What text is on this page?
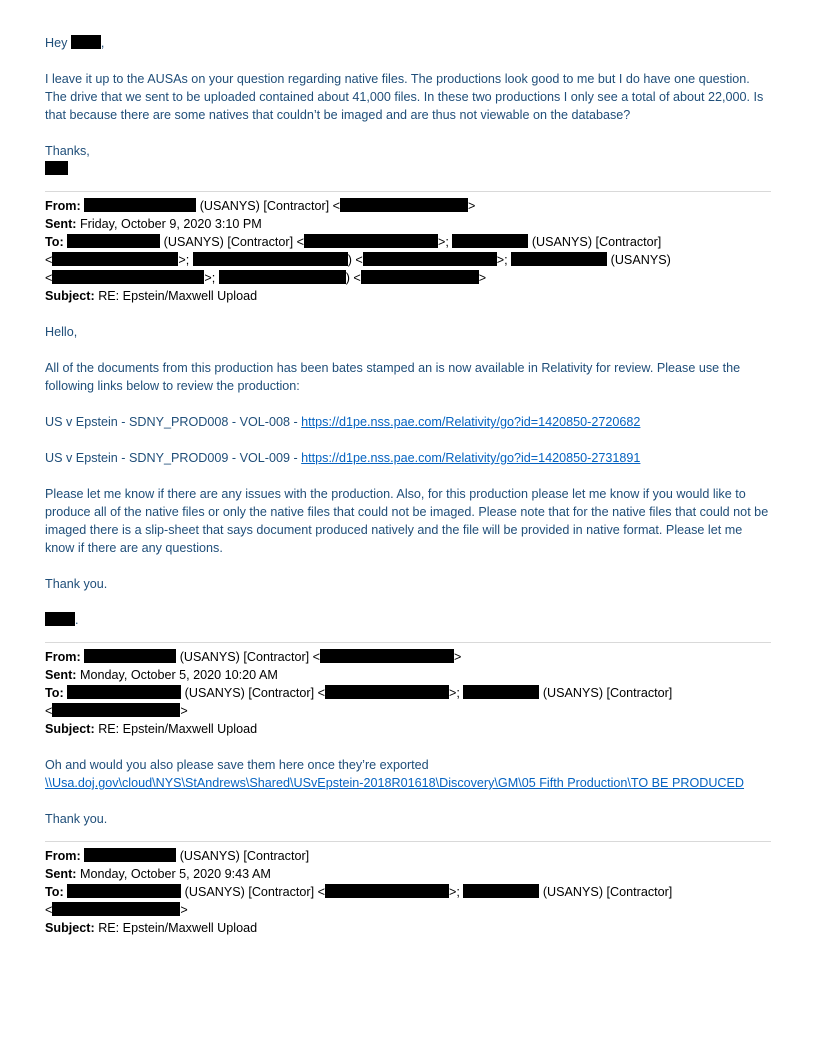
Hey	,

I leave it up to the AUSAs on your question regarding native files. The productions look good to me but I do have one question. The drive that we sent to be uploaded contained about 41,000 files. In these two productions I only see a total of about 22,000. Is that because there are some natives that couldn’t be imaged and are thus not viewable on the database?

Thanks,

From:	(USANYS) [Contractor] <	>

Sent: Friday, October 9, 2020 3:10 PM

To:	(USANYS) [Contractor] <	>;	(USANYS) [Contractor]

<	>;	) <	>;	(USANYS)

<	>;	) <	>

Subject: RE: Epstein/Maxwell Upload

Hello,

All of the documents from this production has been bates stamped an is now available in Relativity for review. Please use the following links below to review the production:

US v Epstein - SDNY_PROD008 - VOL-008 - https://d1pe.nss.pae.com/Relativity/go?id=1420850-2720682

US v Epstein - SDNY_PROD009 - VOL-009 - https://d1pe.nss.pae.com/Relativity/go?id=1420850-2731891

Please let me know if there are any issues with the production. Also, for this production please let me know if you would like to produce all of the native files or only the native files that could not be imaged. Please note that for the native files that could not be imaged there is a slip-sheet that says document produced natively and the file will be provided in native format. Please let me know if there are any questions.

Thank you.

.

From:	(USANYS) [Contractor] <	>

Sent: Monday, October 5, 2020 10:20 AM

To:	(USANYS) [Contractor] <	>;	(USANYS) [Contractor]

<	>

Subject: RE: Epstein/Maxwell Upload

Oh and would you also please save them here once they’re exported

\\Usa.doj.gov\cloud\NYS\StAndrews\Shared\USvEpstein-2018R01618\Discovery\GM\05 Fifth Production\TO BE PRODUCED

Thank you.

From:	(USANYS) [Contractor]

Sent: Monday, October 5, 2020 9:43 AM

To:	(USANYS) [Contractor] <	>;	(USANYS) [Contractor]

<	>

Subject: RE: Epstein/Maxwell Upload
